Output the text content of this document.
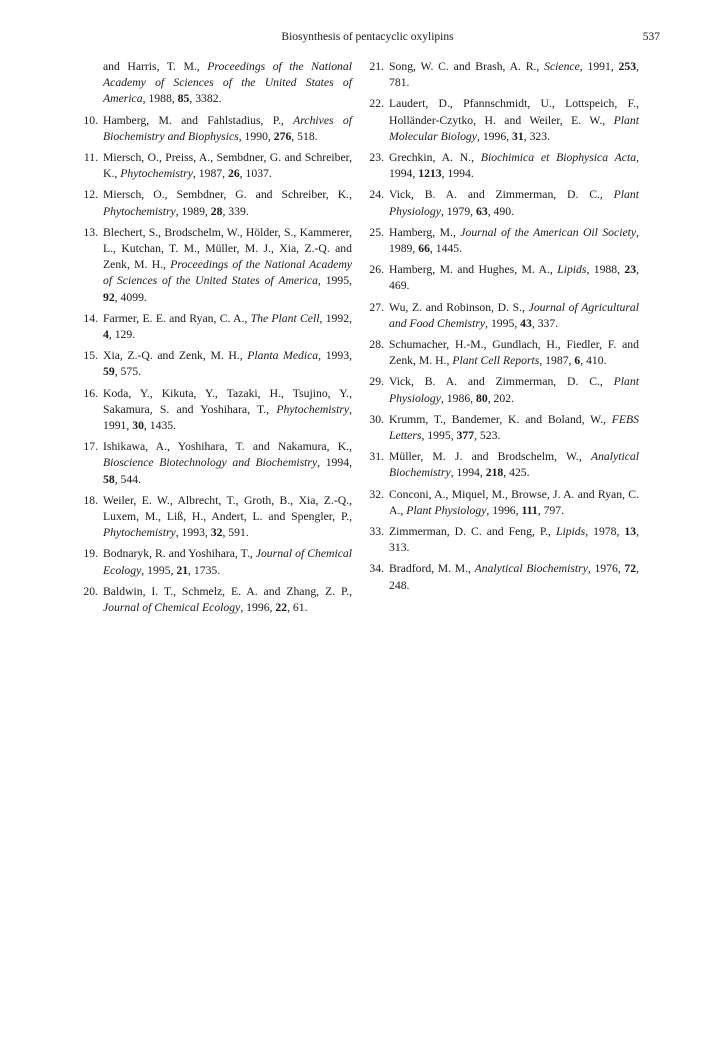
Biosynthesis of pentacyclic oxylipins	537
and Harris, T. M., Proceedings of the National Academy of Sciences of the United States of America, 1988, 85, 3382.
10. Hamberg, M. and Fahlstadius, P., Archives of Biochemistry and Biophysics, 1990, 276, 518.
11. Miersch, O., Preiss, A., Sembdner, G. and Schreiber, K., Phytochemistry, 1987, 26, 1037.
12. Miersch, O., Sembdner, G. and Schreiber, K., Phytochemistry, 1989, 28, 339.
13. Blechert, S., Brodschelm, W., Hölder, S., Kammerer, L., Kutchan, T. M., Müller, M. J., Xia, Z.-Q. and Zenk, M. H., Proceedings of the National Academy of Sciences of the United States of America, 1995, 92, 4099.
14. Farmer, E. E. and Ryan, C. A., The Plant Cell, 1992, 4, 129.
15. Xia, Z.-Q. and Zenk, M. H., Planta Medica, 1993, 59, 575.
16. Koda, Y., Kikuta, Y., Tazaki, H., Tsujino, Y., Sakamura, S. and Yoshihara, T., Phytochemistry, 1991, 30, 1435.
17. Ishikawa, A., Yoshihara, T. and Nakamura, K., Bioscience Biotechnology and Biochemistry, 1994, 58, 544.
18. Weiler, E. W., Albrecht, T., Groth, B., Xia, Z.-Q., Luxem, M., Liß, H., Andert, L. and Spengler, P., Phytochemistry, 1993, 32, 591.
19. Bodnaryk, R. and Yoshihara, T., Journal of Chemical Ecology, 1995, 21, 1735.
20. Baldwin, I. T., Schmelz, E. A. and Zhang, Z. P., Journal of Chemical Ecology, 1996, 22, 61.
21. Song, W. C. and Brash, A. R., Science, 1991, 253, 781.
22. Laudert, D., Pfannschmidt, U., Lottspeich, F., Holländer-Czytko, H. and Weiler, E. W., Plant Molecular Biology, 1996, 31, 323.
23. Grechkin, A. N., Biochimica et Biophysica Acta, 1994, 1213, 1994.
24. Vick, B. A. and Zimmerman, D. C., Plant Physiology, 1979, 63, 490.
25. Hamberg, M., Journal of the American Oil Society, 1989, 66, 1445.
26. Hamberg, M. and Hughes, M. A., Lipids, 1988, 23, 469.
27. Wu, Z. and Robinson, D. S., Journal of Agricultural and Food Chemistry, 1995, 43, 337.
28. Schumacher, H.-M., Gundlach, H., Fiedler, F. and Zenk, M. H., Plant Cell Reports, 1987, 6, 410.
29. Vick, B. A. and Zimmerman, D. C., Plant Physiology, 1986, 80, 202.
30. Krumm, T., Bandemer, K. and Boland, W., FEBS Letters, 1995, 377, 523.
31. Müller, M. J. and Brodschelm, W., Analytical Biochemistry, 1994, 218, 425.
32. Conconi, A., Miquel, M., Browse, J. A. and Ryan, C. A., Plant Physiology, 1996, 111, 797.
33. Zimmerman, D. C. and Feng, P., Lipids, 1978, 13, 313.
34. Bradford, M. M., Analytical Biochemistry, 1976, 72, 248.
